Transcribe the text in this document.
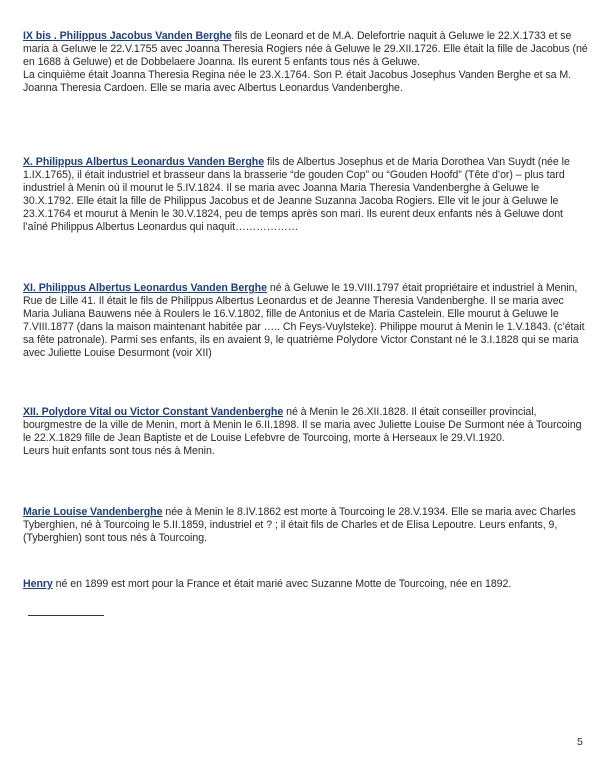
IX bis . Philippus Jacobus Vanden Berghe fils de Leonard et de M.A. Delefortrie naquit à Geluwe le 22.X.1733 et se maria à Geluwe le 22.V.1755 avec Joanna Theresia Rogiers née à Geluwe le 29.XII.1726. Elle était la fille de Jacobus (né en 1688 à Geluwe) et de Dobbelaere Joanna. Ils eurent 5 enfants tous nés à Geluwe.

La cinquième était Joanna Theresia Regina née le 23.X.1764. Son P. était Jacobus Josephus Vanden Berghe et sa M. Joanna Theresia Cardoen. Elle se maria avec Albertus Leonardus Vandenberghe.

X. Philippus Albertus Leonardus Vanden Berghe fils de Albertus Josephus et de Maria Dorothea Van Suydt (née le 1.IX.1765), il était industriel et brasseur dans la brasserie “de gouden Cop” ou “Gouden Hoofd” (Tête d’or) – plus tard industriel à Menin où il mourut le 5.IV.1824. Il se maria avec Joanna Maria Theresia Vandenberghe à Geluwe le 30.X.1792. Elle était la fille de Philippus Jacobus et de Jeanne Suzanna Jacoba Rogiers. Elle vit le jour à Geluwe le 23.X.1764 et mourut à Menin le 30.V.1824, peu de temps après son mari. Ils eurent deux enfants nés à Geluwe dont l’aîné Philippus Albertus Leonardus qui naquit………………

XI. Philippus Albertus Leonardus Vanden Berghe né à Geluwe le 19.VIII.1797 était propriétaire et industriel à Menin, Rue de Lille 41. Il était le fils de Philippus Albertus Leonardus et de Jeanne Theresia Vandenberghe. Il se maria avec Maria Juliana Bauwens née à Roulers le 16.V.1802, fille de Antonius et de Maria Castelein. Elle mourut à Geluwe le 7.VIII.1877 (dans la maison maintenant habitée par ….. Ch Feys-Vuylsteke). Philippe mourut à Menin le 1.V.1843. (c’était sa fête patronale). Parmi ses enfants, ils en avaient 9, le quatrième Polydore Victor Constant né le 3.I.1828 qui se maria avec Juliette Louise Desurmont (voir XII)

XII. Polydore Vital ou Victor Constant Vandenberghe né à Menin le 26.XII.1828. Il était conseiller provincial, bourgmestre de la ville de Menin, mort à Menin le 6.II.1898. Il se maria avec Juliette Louise De Surmont née à Tourcoing le 22.X.1829 fille de Jean Baptiste et de Louise Lefebvre de Tourcoing, morte à Herseaux le 29.VI.1920.

Leurs huit enfants sont tous nés à Menin.

Marie Louise Vandenberghe née à Menin le 8.IV.1862 est morte à Tourcoing le 28.V.1934. Elle se maria avec Charles Tyberghien, né à Tourcoing le 5.II.1859, industriel et ? ; il était fils de Charles et de Elisa Lepoutre. Leurs enfants, 9, (Tyberghien) sont tous nés à Tourcoing.

Henry né en 1899 est mort pour la France et était marié avec Suzanne Motte de Tourcoing, née en 1892.

5
